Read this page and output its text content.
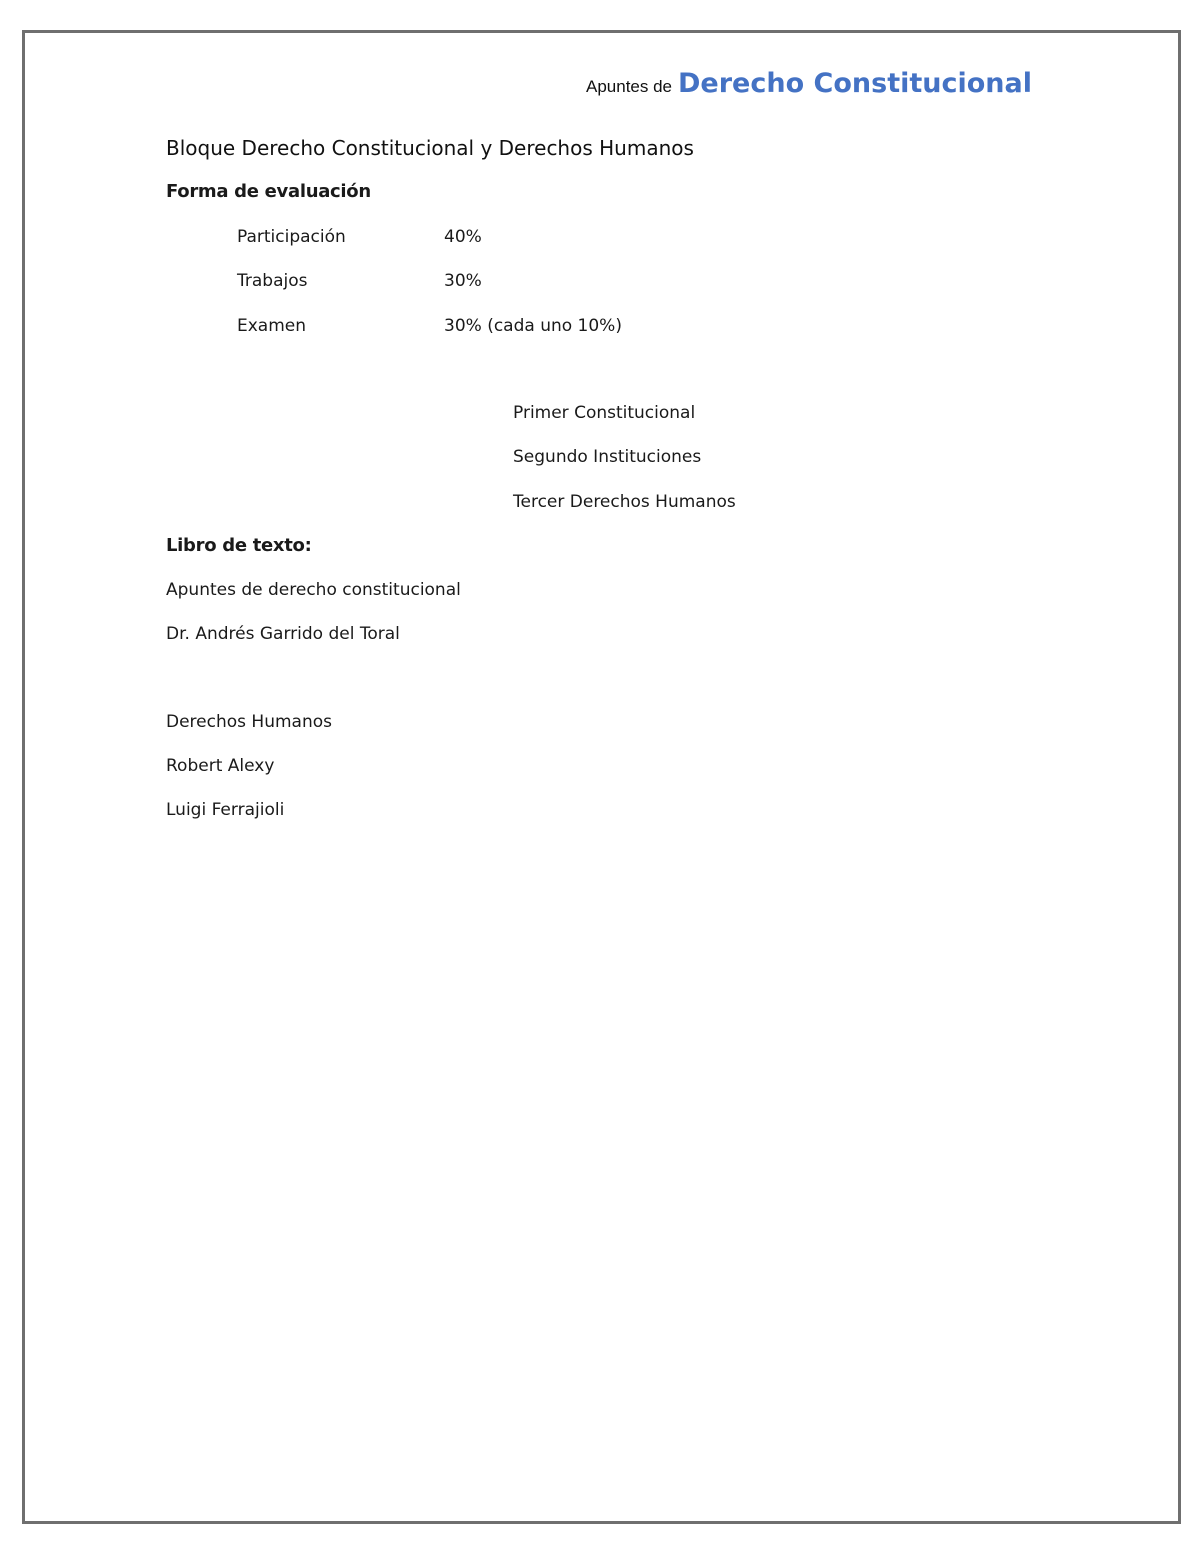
Apuntes de Derecho Constitucional
Bloque Derecho Constitucional y Derechos Humanos
Forma de evaluación
Participación	40%
Trabajos	30%
Examen	30% (cada uno 10%)
Primer Constitucional
Segundo Instituciones
Tercer Derechos Humanos
Libro de texto:
Apuntes de derecho constitucional
Dr. Andrés Garrido del Toral
Derechos Humanos
Robert Alexy
Luigi Ferrajioli
